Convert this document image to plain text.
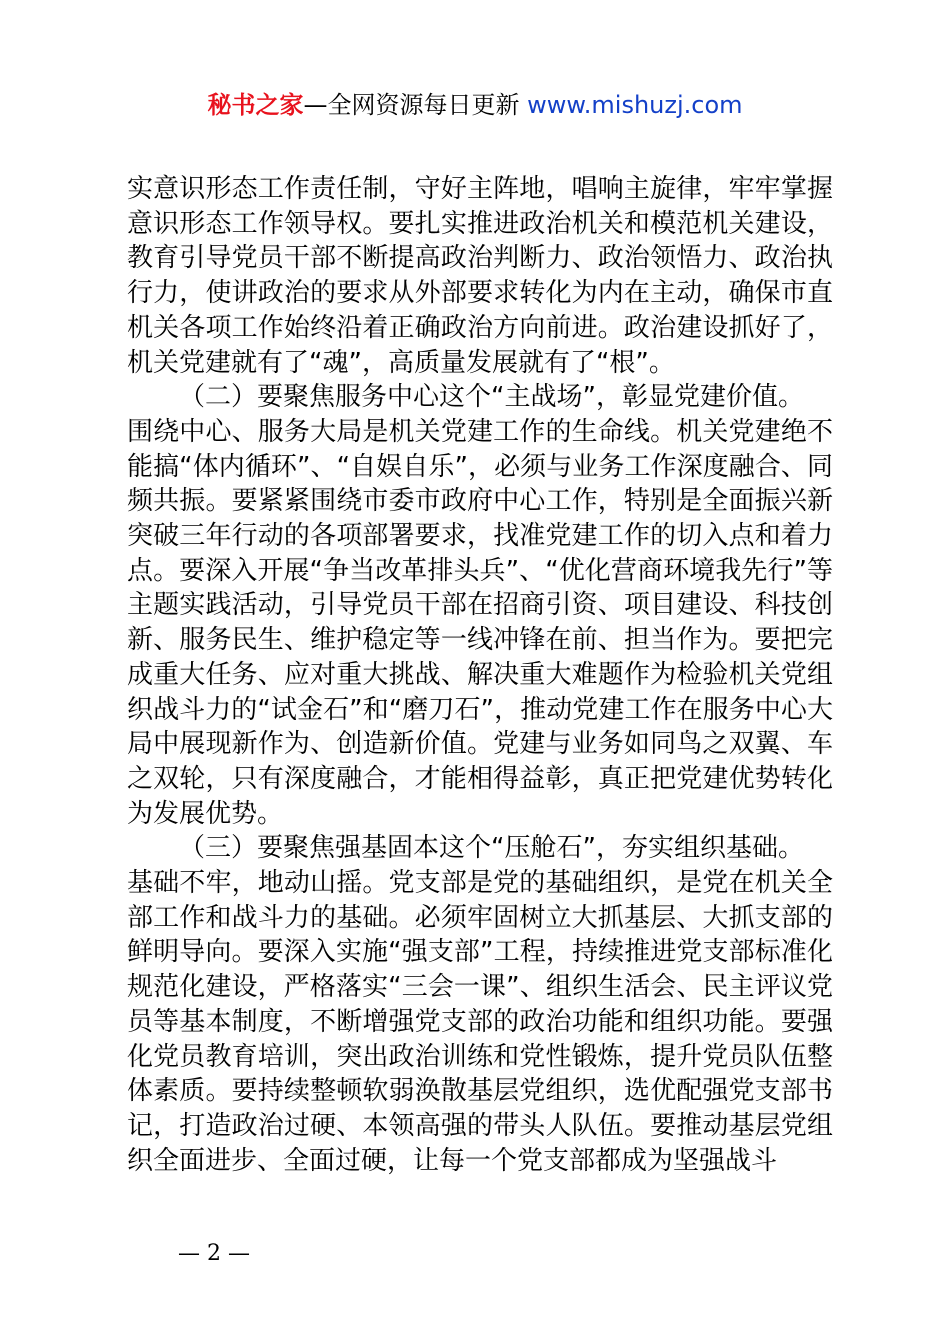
秘书之家—全网资源每日更新 www.mishuzj.com

实意识形态工作责任制，守好主阵地，唱响主旋律，牢牢掌握意识形态工作领导权。要扎实推进政治机关和模范机关建设，教育引导党员干部不断提高政治判断力、政治领悟力、政治执行力，使讲政治的要求从外部要求转化为内在主动，确保市直机关各项工作始终沿着正确政治方向前进。政治建设抓好了，机关党建就有了“魂”，高质量发展就有了“根”。

（二）要聚焦服务中心这个“主战场”，彰显党建价值。

围绕中心、服务大局是机关党建工作的生命线。机关党建绝不能搞“体内循环”、“自娱自乐”，必须与业务工作深度融合、同频共振。要紧紧围绕市委市政府中心工作，特别是全面振兴新突破三年行动的各项部署要求，找准党建工作的切入点和着力点。要深入开展“争当改革排头兵”、“优化营商环境我先行”等主题实践活动，引导党员干部在招商引资、项目建设、科技创新、服务民生、维护稳定等一线冲锋在前、担当作为。要把完成重大任务、应对重大挑战、解决重大难题作为检验机关党组织战斗力的“试金石”和“磨刀石”，推动党建工作在服务中心大局中展现新作为、创造新价值。党建与业务如同鸟之双翼、车之双轮，只有深度融合，才能相得益彰，真正把党建优势转化为发展优势。

（三）要聚焦强基固本这个“压舱石”，夯实组织基础。

基础不牢，地动山摇。党支部是党的基础组织，是党在机关全部工作和战斗力的基础。必须牢固树立大抓基层、大抓支部的鲜明导向。要深入实施“强支部”工程，持续推进党支部标准化规范化建设，严格落实“三会一课”、组织生活会、民主评议党员等基本制度，不断增强党支部的政治功能和组织功能。要强化党员教育培训，突出政治训练和党性锻炼，提升党员队伍整体素质。要持续整顿软弱涣散基层党组织，选优配强党支部书记，打造政治过硬、本领高强的带头人队伍。要推动基层党组织全面进步、全面过硬，让每一个党支部都成为坚强战斗

— 2 —
